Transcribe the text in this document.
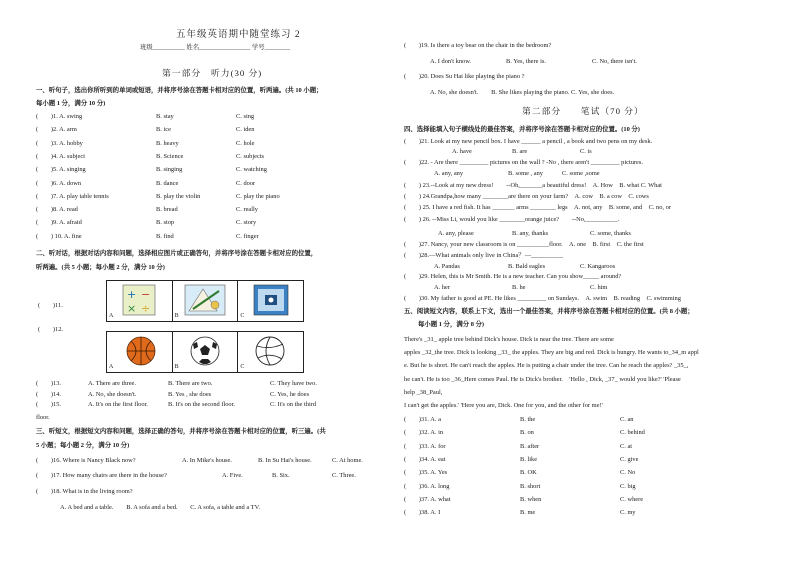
五年级英语期中随堂练习 2
班级__________ 姓名________________ 学号________
第一部分　听力(30 分)
一、听句子，选出你所听到的单词或短语，并将序号涂在答题卡相对应的位置，听两遍。(共 10 小题；
每小题 1 分，满分 10 分)
(　　)1. A. swing	B. stay	C. sing
(　　)2. A. arm	B. ice	C. iden
(　　)3. A. hobby	B. heavy	C. hole
(　　)4. A. subject	B. Science	C. subjects
(　　)5. A. singing	B. singing	C. watching
(　　)6. A. down	B. dance	C. door
(　　)7. A. play table tennis	B. play the violin	C. play the piano
(　　)8. A. read	B. bread	C. really
(　　)9. A. afraid	B. stop	C. story
(　　) 10. A. fine	B. find	C. finger
二、听对话，根据对话内容和问题，选择相应图片或正确答句，并将序号涂在答题卡相对应的位置，
听两遍。(共 5 小题；每小题 2 分，满分 10 分)
(　　)11.
+ −
× ÷
A	B	C
(　　)12.
A	B	C
(　　)13.	A. There are three.	B. There are two.	C. They have two.
(　　)14.	A. No, she doesn't.	B. Yes , she does	C. Yes, he does
(　　)15.	A. It's on the first floor.	B. It's on the second floor.	C. It's on the third
floor.
三、听短文，根据短文内容和问题，选择正确的答句，并将序号涂在答题卡相对应的位置，听三遍。(共
5 小题；每小题 2 分，满分 10 分)
(　　)16. Where is Nancy Black now?	A. In Mike's house.	B. In Su Hai's house.	C. At home.
(　　)17. How many chairs are there in the house?	A. Five.	B. Six.	C. Three.
(　　)18. What is in the living room?
A. A bed and a table.　　B. A sofa and a bed.　　C. A sofa, a table and a TV.
(　　)19. Is there a toy bear on the chair in the bedroom?
A. I don't know.	B. Yes, there is.	C. No, there isn't.
(　　)20. Does Su Hai like playing the piano ?
A. No, she doesn't.　　B. She likes playing the piano. C. Yes, she does.
第二部分　　笔试（70 分）
四、选择能填入句子横线处的最佳答案，并将序号涂在答题卡相对应的位置。(10 分)
(　　)21. Look at my new pencil box. I have ______ a pencil , a book and two pens on my desk.
A. have	B. are	C. is
(　　)22. - Are there _________ pictures on the wall ? -No , there aren't _________ pictures.
A. any, any	B. some , any	C. some ,some
(　　) 23.--Look at my new dress!　　--Oh,_______a beautiful dress!　A. How　B. what C. What
(　　) 24.Grandpa,how many ________are there on your farm?　A. cow　B. a cow　C. cows
(　　) 25. I have a red fish. It has _______ arms ________ legs　A. not, any　B. some, and　C. no, or
(　　) 26. --Miss Li, would you like ________orange juice?　　--No,__________.
A. any, please	B. any, thanks	C. some, thanks
(　　)27. Nancy, your new classroom is on __________floor.　A. one　B. first　C. the first
(　　)28.—What animals only live in China？—__________
A. Pandas	B. Bald eagles	C. Kangaroos
(　　)29. Helen, this is Mr Smith. He is a new teacher. Can you show_____ around?
A. her	B. he	C. him
(　　)30. My father is good at PE. He likes _________ on Sundays.　A. swim　B. reading　C. swimming
五、阅读短文内容，联系上下文，选出一个最佳答案，并将序号涂在答题卡相对应的位置。(共 8 小题；
每小题 1 分，满分 8 分)
There's _31_ apple tree behind Dick's house. Dick is near the tree. There are some
apples _32_the tree. Dick is looking _33_ the apples. They are big and red. Dick is hungry. He wants to_34_m appl
e. But he is short. He can't reach the apples. He is putting a chair under the tree. Can he reach the apples? _35_,
he can't. He is too _36_Here comes Paul. He is Dick's brother.　'Hello , Dick, _37_ would you like?' 'Please
help _38_Paul,
I can't get the apples.' 'Here you are, Dick. One for you, and the other for me!'
(　　)31. A. a	B. the	C. an
(　　)32. A. in	B. on	C. behind
(　　)33. A. for	B. after	C. at
(　　)34. A. eat	B. like	C. give
(　　)35. A. Yes	B. OK	C. No
(　　)36. A. long	B. short	C. big
(　　)37. A. what	B. when	C. where
(　　)38. A. I	B. me	C. my
